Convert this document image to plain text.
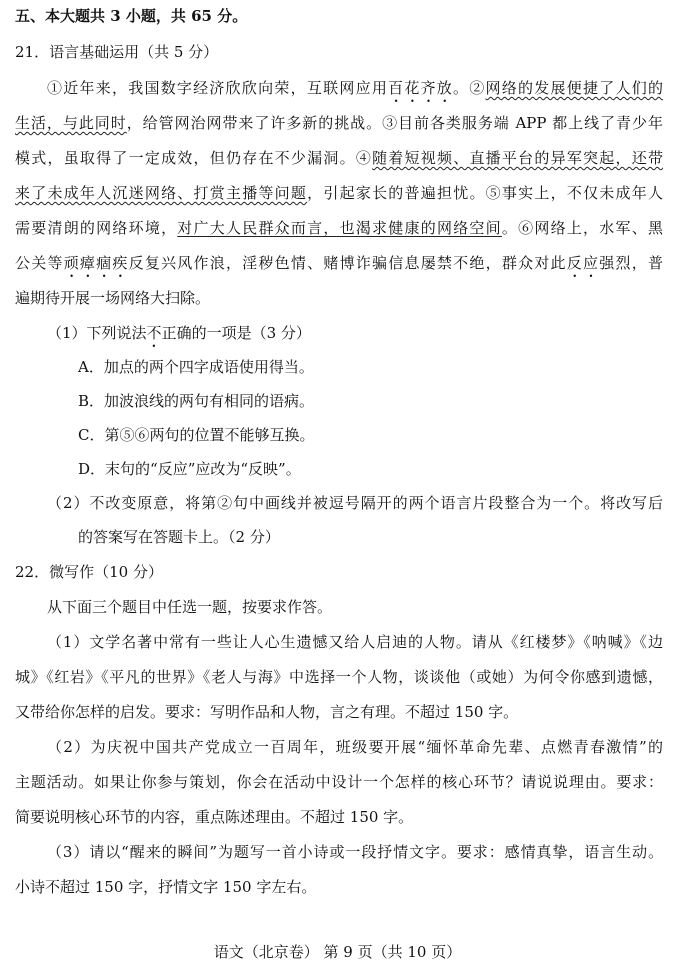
五、本大题共 3 小题，共 65 分。
21．语言基础运用（共 5 分）
①近年来，我国数字经济欣欣向荣，互联网应用百花齐放。②网络的发展便捷了人们的
生活，与此同时，给管网治网带来了许多新的挑战。③目前各类服务端 APP 都上线了青少年
模式，虽取得了一定成效，但仍存在不少漏洞。④随着短视频、直播平台的异军突起，还带
来了未成年人沉迷网络、打赏主播等问题，引起家长的普遍担忧。⑤事实上，不仅未成年人
需要清朗的网络环境，对广大人民群众而言，也渴求健康的网络空间。⑥网络上，水军、黑
公关等顽瘴痼疾反复兴风作浪，淫秽色情、赌博诈骗信息屡禁不绝，群众对此反应强烈，普
遍期待开展一场网络大扫除。
（1）下列说法不正确的一项是（3 分）
A．加点的两个四字成语使用得当。
B．加波浪线的两句有相同的语病。
C．第⑤⑥两句的位置不能够互换。
D．末句的“反应”应改为“反映”。
（2）不改变原意，将第②句中画线并被逗号隔开的两个语言片段整合为一个。将改写后
的答案写在答题卡上。（2 分）
22．微写作（10 分）
从下面三个题目中任选一题，按要求作答。
（1）文学名著中常有一些让人心生遗憾又给人启迪的人物。请从《红楼梦》《呐喊》《边
城》《红岩》《平凡的世界》《老人与海》中选择一个人物，谈谈他（或她）为何令你感到遗憾，
又带给你怎样的启发。要求：写明作品和人物，言之有理。不超过 150 字。
（2）为庆祝中国共产党成立一百周年，班级要开展“缅怀革命先辈、点燃青春激情”的
主题活动。如果让你参与策划，你会在活动中设计一个怎样的核心环节？请说说理由。要求：
简要说明核心环节的内容，重点陈述理由。不超过 150 字。
（3）请以“醒来的瞬间”为题写一首小诗或一段抒情文字。要求：感情真挚，语言生动。
小诗不超过 150 字，抒情文字 150 字左右。
语文（北京卷） 第 9 页（共 10 页）
